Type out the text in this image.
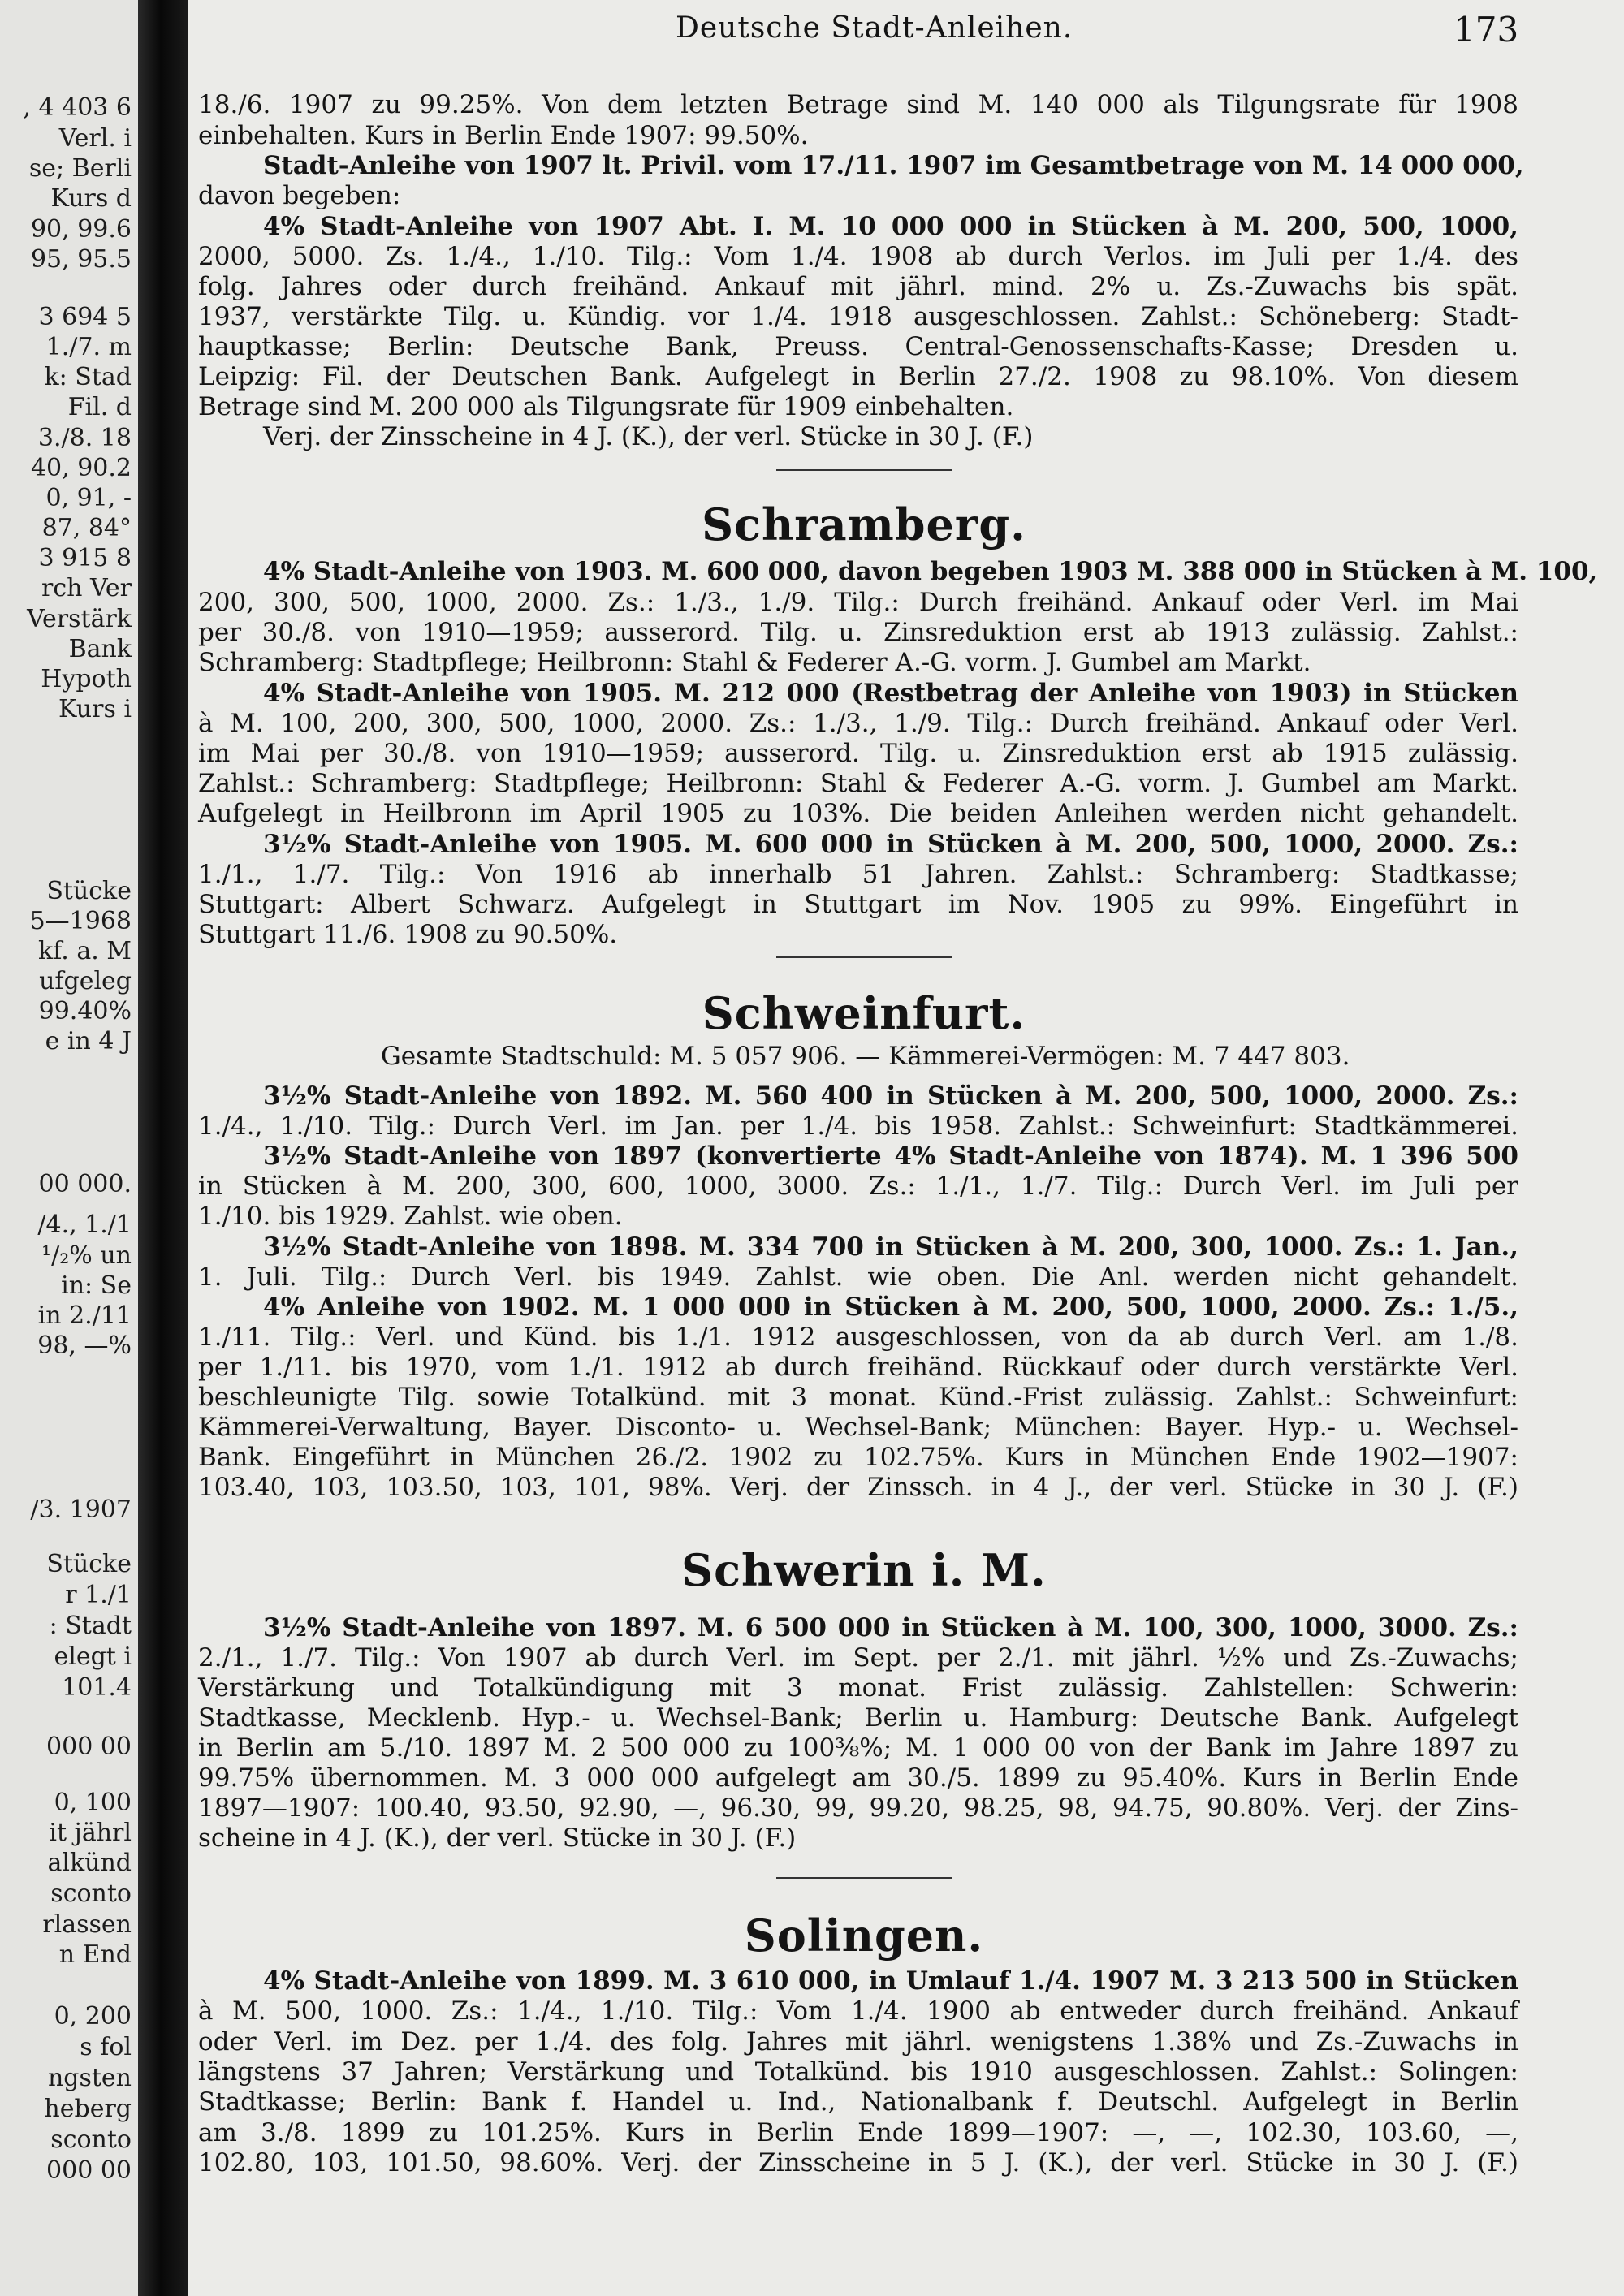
, 4 403 6
Verl. i
se; Berli
Kurs d
90, 99.6
95, 95.5
3 694 5
1./7. m
k: Stad
Fil. d
3./8. 18
40, 90.2
0, 91, -
87, 84°
3 915 8
rch Ver
Verstärk
Bank
Hypoth
Kurs i
Stücke
5—1968
kf. a. M
ufgeleg
99.40%
e in 4 J
00 000.
/4., 1./1
¹/₂% un
in: Se
in 2./11
98, —%
/3. 1907
Stücke
r 1./1
: Stadt
elegt i
101.4
000 00
0, 100
it jährl
alkünd
sconto
rlassen
n End
0, 200
s fol
ngsten
heberg
sconto
000 00
Deutsche Stadt-Anleihen.	173
18./6. 1907 zu 99.25%. Von dem letzten Betrage sind M. 140 000 als Tilgungsrate für 1908
einbehalten. Kurs in Berlin Ende 1907: 99.50%.
Stadt-Anleihe von 1907 lt. Privil. vom 17./11. 1907 im Gesamtbetrage von M. 14 000 000,
davon begeben:
4% Stadt-Anleihe von 1907 Abt. I. M. 10 000 000 in Stücken à M. 200, 500, 1000,
2000, 5000. Zs. 1./4., 1./10. Tilg.: Vom 1./4. 1908 ab durch Verlos. im Juli per 1./4. des
folg. Jahres oder durch freihänd. Ankauf mit jährl. mind. 2% u. Zs.-Zuwachs bis spät.
1937, verstärkte Tilg. u. Kündig. vor 1./4. 1918 ausgeschlossen. Zahlst.: Schöneberg: Stadt-
hauptkasse; Berlin: Deutsche Bank, Preuss. Central-Genossenschafts-Kasse; Dresden u.
Leipzig: Fil. der Deutschen Bank. Aufgelegt in Berlin 27./2. 1908 zu 98.10%. Von diesem
Betrage sind M. 200 000 als Tilgungsrate für 1909 einbehalten.
Verj. der Zinsscheine in 4 J. (K.), der verl. Stücke in 30 J. (F.)
Schramberg.
4% Stadt-Anleihe von 1903. M. 600 000, davon begeben 1903 M. 388 000 in Stücken à M. 100,
200, 300, 500, 1000, 2000. Zs.: 1./3., 1./9. Tilg.: Durch freihänd. Ankauf oder Verl. im Mai
per 30./8. von 1910—1959; ausserord. Tilg. u. Zinsreduktion erst ab 1913 zulässig. Zahlst.:
Schramberg: Stadtpflege; Heilbronn: Stahl & Federer A.-G. vorm. J. Gumbel am Markt.
4% Stadt-Anleihe von 1905. M. 212 000 (Restbetrag der Anleihe von 1903) in Stücken
à M. 100, 200, 300, 500, 1000, 2000. Zs.: 1./3., 1./9. Tilg.: Durch freihänd. Ankauf oder Verl.
im Mai per 30./8. von 1910—1959; ausserord. Tilg. u. Zinsreduktion erst ab 1915 zulässig.
Zahlst.: Schramberg: Stadtpflege; Heilbronn: Stahl & Federer A.-G. vorm. J. Gumbel am Markt.
Aufgelegt in Heilbronn im April 1905 zu 103%. Die beiden Anleihen werden nicht gehandelt.
3½% Stadt-Anleihe von 1905. M. 600 000 in Stücken à M. 200, 500, 1000, 2000. Zs.:
1./1., 1./7. Tilg.: Von 1916 ab innerhalb 51 Jahren. Zahlst.: Schramberg: Stadtkasse;
Stuttgart: Albert Schwarz. Aufgelegt in Stuttgart im Nov. 1905 zu 99%. Eingeführt in
Stuttgart 11./6. 1908 zu 90.50%.
Schweinfurt.
Gesamte Stadtschuld: M. 5 057 906. — Kämmerei-Vermögen: M. 7 447 803.
3½% Stadt-Anleihe von 1892. M. 560 400 in Stücken à M. 200, 500, 1000, 2000. Zs.:
1./4., 1./10. Tilg.: Durch Verl. im Jan. per 1./4. bis 1958. Zahlst.: Schweinfurt: Stadtkämmerei.
3½% Stadt-Anleihe von 1897 (konvertierte 4% Stadt-Anleihe von 1874). M. 1 396 500
in Stücken à M. 200, 300, 600, 1000, 3000. Zs.: 1./1., 1./7. Tilg.: Durch Verl. im Juli per
1./10. bis 1929. Zahlst. wie oben.
3½% Stadt-Anleihe von 1898. M. 334 700 in Stücken à M. 200, 300, 1000. Zs.: 1. Jan.,
1. Juli. Tilg.: Durch Verl. bis 1949. Zahlst. wie oben. Die Anl. werden nicht gehandelt.
4% Anleihe von 1902. M. 1 000 000 in Stücken à M. 200, 500, 1000, 2000. Zs.: 1./5.,
1./11. Tilg.: Verl. und Künd. bis 1./1. 1912 ausgeschlossen, von da ab durch Verl. am 1./8.
per 1./11. bis 1970, vom 1./1. 1912 ab durch freihänd. Rückkauf oder durch verstärkte Verl.
beschleunigte Tilg. sowie Totalkünd. mit 3 monat. Künd.-Frist zulässig. Zahlst.: Schweinfurt:
Kämmerei-Verwaltung, Bayer. Disconto- u. Wechsel-Bank; München: Bayer. Hyp.- u. Wechsel-
Bank. Eingeführt in München 26./2. 1902 zu 102.75%. Kurs in München Ende 1902—1907:
103.40, 103, 103.50, 103, 101, 98%. Verj. der Zinssch. in 4 J., der verl. Stücke in 30 J. (F.)
Schwerin i. M.
3½% Stadt-Anleihe von 1897. M. 6 500 000 in Stücken à M. 100, 300, 1000, 3000. Zs.:
2./1., 1./7. Tilg.: Von 1907 ab durch Verl. im Sept. per 2./1. mit jährl. ½% und Zs.-Zuwachs;
Verstärkung und Totalkündigung mit 3 monat. Frist zulässig. Zahlstellen: Schwerin:
Stadtkasse, Mecklenb. Hyp.- u. Wechsel-Bank; Berlin u. Hamburg: Deutsche Bank. Aufgelegt
in Berlin am 5./10. 1897 M. 2 500 000 zu 100⅜%; M. 1 000 00 von der Bank im Jahre 1897 zu
99.75% übernommen. M. 3 000 000 aufgelegt am 30./5. 1899 zu 95.40%. Kurs in Berlin Ende
1897—1907: 100.40, 93.50, 92.90, —, 96.30, 99, 99.20, 98.25, 98, 94.75, 90.80%. Verj. der Zins-
scheine in 4 J. (K.), der verl. Stücke in 30 J. (F.)
Solingen.
4% Stadt-Anleihe von 1899. M. 3 610 000, in Umlauf 1./4. 1907 M. 3 213 500 in Stücken
à M. 500, 1000. Zs.: 1./4., 1./10. Tilg.: Vom 1./4. 1900 ab entweder durch freihänd. Ankauf
oder Verl. im Dez. per 1./4. des folg. Jahres mit jährl. wenigstens 1.38% und Zs.-Zuwachs in
längstens 37 Jahren; Verstärkung und Totalkünd. bis 1910 ausgeschlossen. Zahlst.: Solingen:
Stadtkasse; Berlin: Bank f. Handel u. Ind., Nationalbank f. Deutschl. Aufgelegt in Berlin
am 3./8. 1899 zu 101.25%. Kurs in Berlin Ende 1899—1907: —, —, 102.30, 103.60, —,
102.80, 103, 101.50, 98.60%. Verj. der Zinsscheine in 5 J. (K.), der verl. Stücke in 30 J. (F.)
